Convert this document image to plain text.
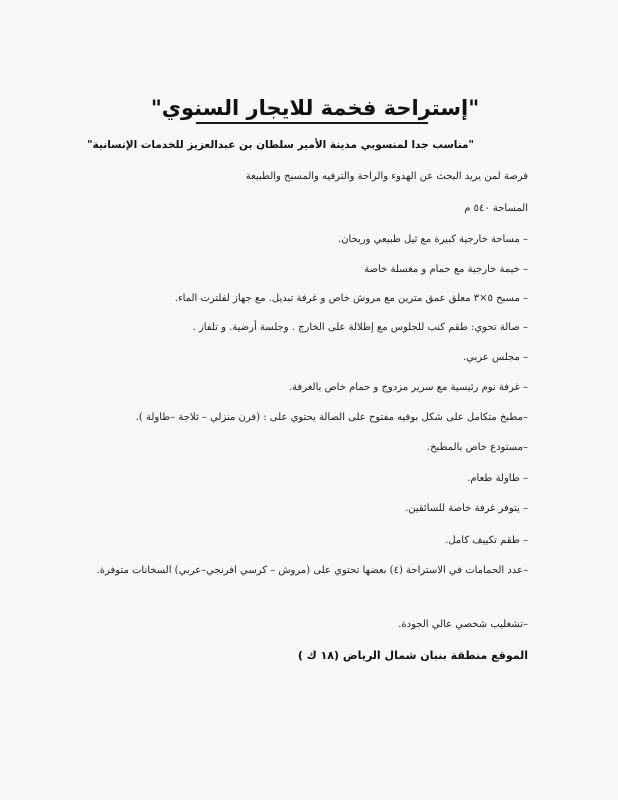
"إستراحة فخمة للايجار السنوي"
"مناسب جدا لمنسوبي مدينة الأمير سلطان بن عبدالعزيز للخدمات الإنسانية"
فرصة لمن يريد البحث عن الهدوء والراحة والترفيه والمسبح والطبيعة
المساحة ٥٤٠ م
– مساحة خارجية كبيرة مع ثيل طبيعي وريحان.
– خيمة خارجية مع حمام و مغسلة خاصة
– مسبح ٥×٣ معلق عمق مترين مع مروش خاص و غرفة تبديل. مع جهاز لفلترت الماء.
– صالة تحوي: طقم كنب للجلوس مع إطلالة على الخارج . وجلسة أرضية. و تلفاز .
– مجلس عربي.
– غرفة نوم رئيسية مع سرير مزدوج و حمام خاص بالغرفة.
–مطبخ متكامل على شكل بوفيه مفتوح على الصالة يحتوي على : (فرن منزلي – ثلاجة –طاولة ).
–مستودع خاص بالمطبخ.
– طاولة طعام.
– يتوفر غرفة خاصة للسائقين.
– طقم تكييف كامل.
–عدد الحمامات في الاستراحة (٤) بعضها تحتوي على (مروش – كرسي افرنجي–عربي) السخانات متوفرة.
–تشغليب شخصي عالي الجودة.
الموقع منطقة بنبان شمال الرياض (١٨ ك )
